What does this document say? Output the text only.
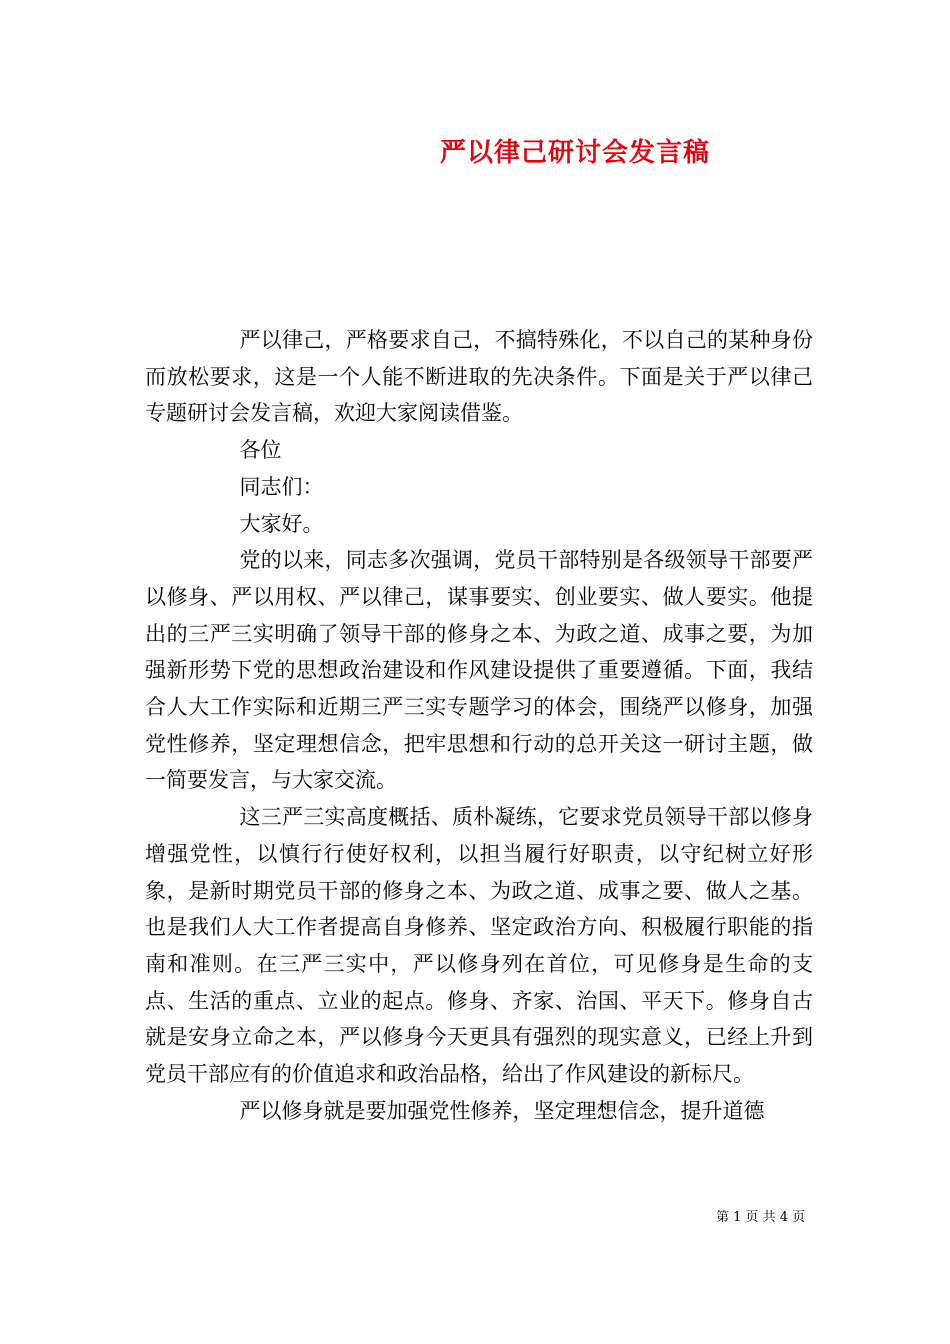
严以律己研讨会发言稿

严以律己，严格要求自己，不搞特殊化，不以自己的某种身份而放松要求，这是一个人能不断进取的先决条件。下面是关于严以律己专题研讨会发言稿，欢迎大家阅读借鉴。

各位

同志们：

大家好。

党的以来，同志多次强调，党员干部特别是各级领导干部要严以修身、严以用权、严以律己，谋事要实、创业要实、做人要实。他提出的三严三实明确了领导干部的修身之本、为政之道、成事之要，为加强新形势下党的思想政治建设和作风建设提供了重要遵循。下面，我结合人大工作实际和近期三严三实专题学习的体会，围绕严以修身，加强党性修养，坚定理想信念，把牢思想和行动的总开关这一研讨主题，做一简要发言，与大家交流。

这三严三实高度概括、质朴凝练，它要求党员领导干部以修身增强党性，以慎行行使好权利，以担当履行好职责，以守纪树立好形象，是新时期党员干部的修身之本、为政之道、成事之要、做人之基。也是我们人大工作者提高自身修养、坚定政治方向、积极履行职能的指南和准则。在三严三实中，严以修身列在首位，可见修身是生命的支点、生活的重点、立业的起点。修身、齐家、治国、平天下。修身自古就是安身立命之本，严以修身今天更具有强烈的现实意义，已经上升到党员干部应有的价值追求和政治品格，给出了作风建设的新标尺。

严以修身就是要加强党性修养，坚定理想信念，提升道德

第 1 页 共 4 页
